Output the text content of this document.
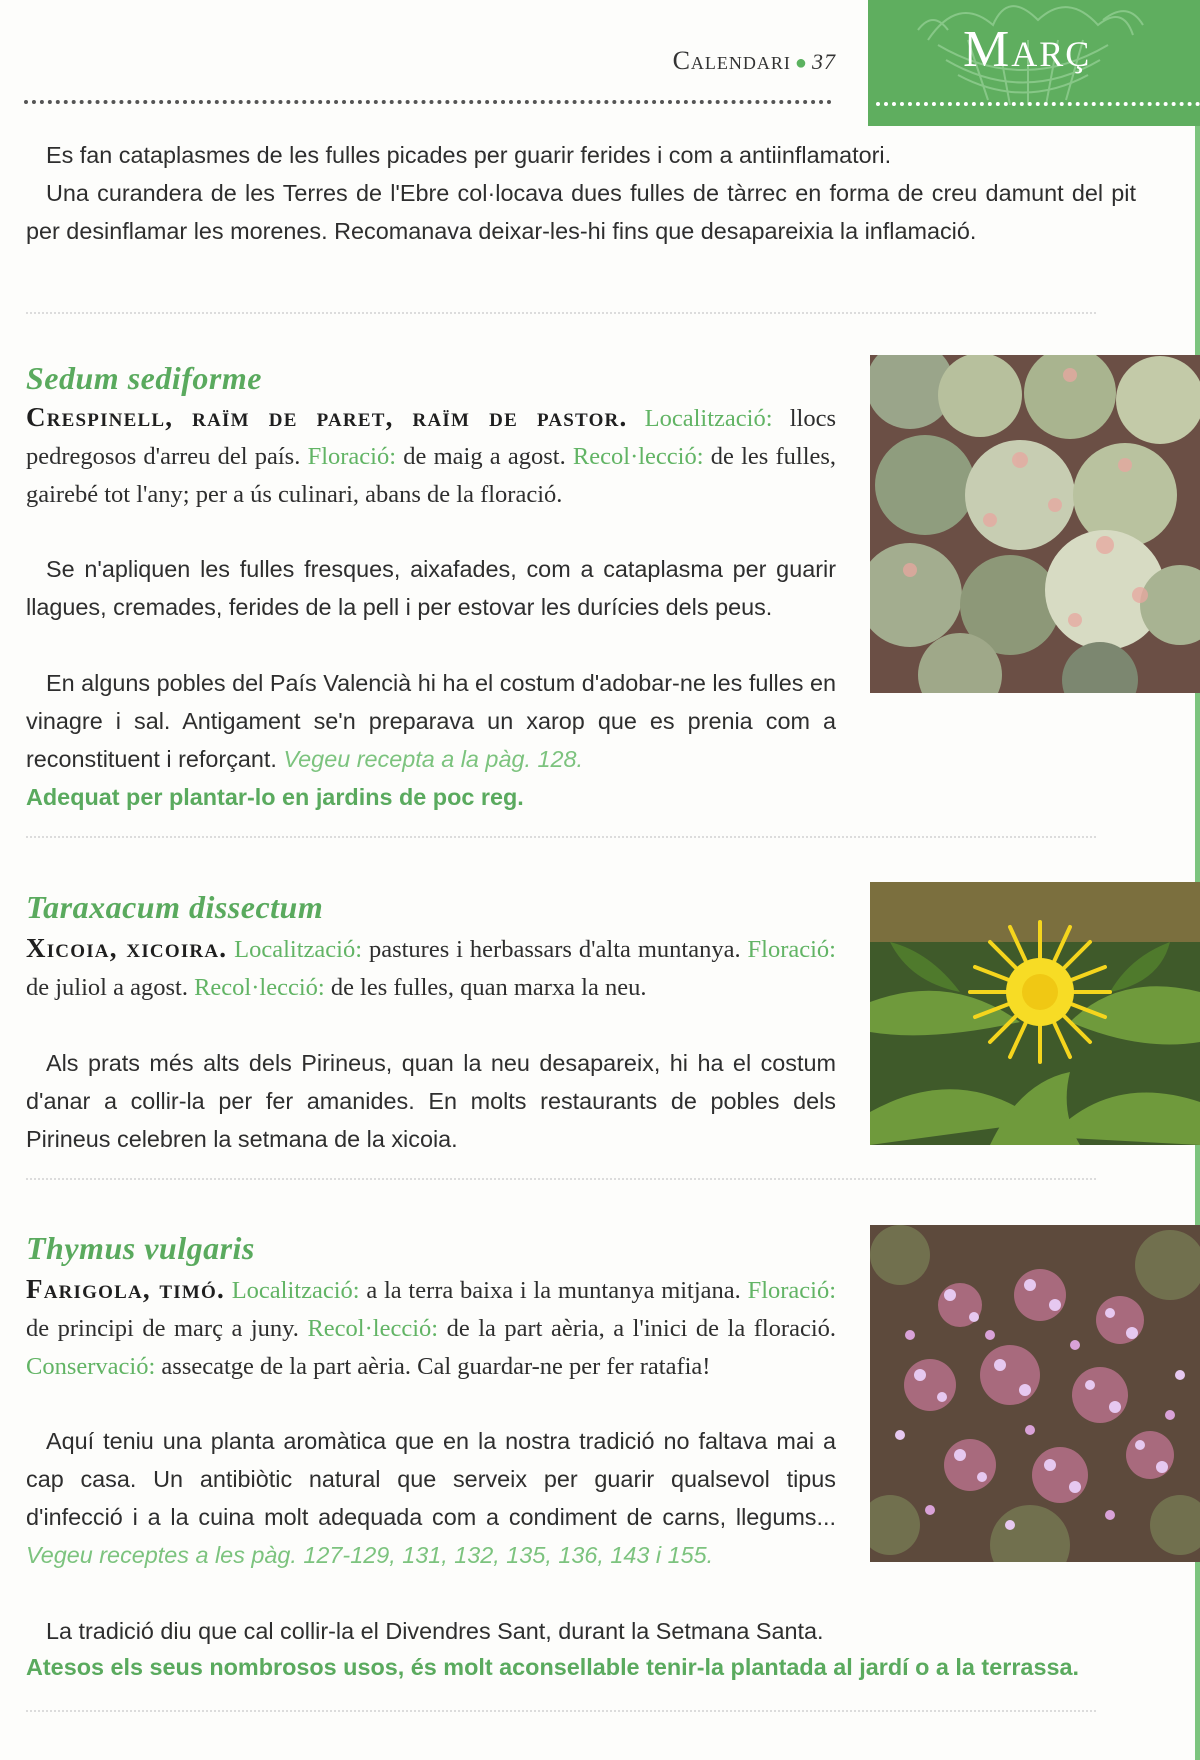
Calendari ● 37 Març

Es fan cataplasmes de les fulles picades per guarir ferides i com a antiinflamatori.

Una curandera de les Terres de l'Ebre col·locava dues fulles de tàrrec en forma de creu damunt del pit per desinflamar les morenes. Recomanava deixar-les-hi fins que desapareixia la inflamació.

Sedum sediforme

Crespinell, raïm de paret, raïm de pastor. Localització: llocs pedregosos d'arreu del país. Floració: de maig a agost. Recol·lecció: de les fulles, gairebé tot l'any; per a ús culinari, abans de la floració.

Se n'apliquen les fulles fresques, aixafades, com a cataplasma per guarir llagues, cremades, ferides de la pell i per estovar les durícies dels peus.

En alguns pobles del País Valencià hi ha el costum d'adobar-ne les fulles en vinagre i sal. Antigament se'n preparava un xarop que es prenia com a reconstituent i reforçant. Vegeu recepta a la pàg. 128.

Adequat per plantar-lo en jardins de poc reg.

Taraxacum dissectum

Xicoia, xicoira. Localització: pastures i herbassars d'alta muntanya. Floració: de juliol a agost. Recol·lecció: de les fulles, quan marxa la neu.

Als prats més alts dels Pirineus, quan la neu desapareix, hi ha el costum d'anar a collir-la per fer amanides. En molts restaurants de pobles dels Pirineus celebren la setmana de la xicoia.

Thymus vulgaris

Farigola, timó. Localització: a la terra baixa i la muntanya mitjana. Floració: de principi de març a juny. Recol·lecció: de la part aèria, a l'inici de la floració. Conservació: assecatge de la part aèria. Cal guardar-ne per fer ratafia!

Aquí teniu una planta aromàtica que en la nostra tradició no faltava mai a cap casa. Un antibiòtic natural que serveix per guarir qualsevol tipus d'infecció i a la cuina molt adequada com a condiment de carns, llegums... Vegeu receptes a les pàg. 127-129, 131, 132, 135, 136, 143 i 155.

La tradició diu que cal collir-la el Divendres Sant, durant la Setmana Santa.

Atesos els seus nombrosos usos, és molt aconsellable tenir-la plantada al jardí o a la terrassa.
